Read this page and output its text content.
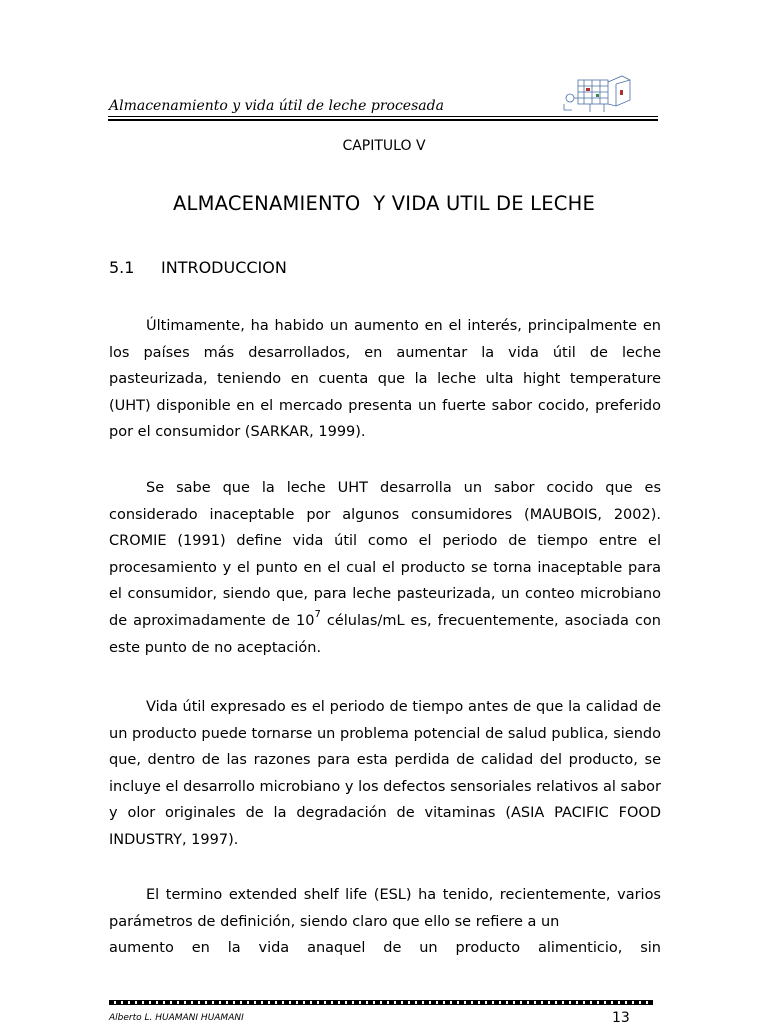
Almacenamiento y vida útil de leche procesada
CAPITULO V
ALMACENAMIENTO  Y VIDA UTIL DE LECHE
5.1 INTRODUCCION

Últimamente, ha habido un aumento en el interés, principalmente en los países más desarrollados, en aumentar la vida útil de leche pasteurizada, teniendo en cuenta que la leche ulta hight temperature (UHT) disponible en el mercado presenta un fuerte sabor cocido, preferido por el consumidor (SARKAR, 1999).

Se sabe que la leche UHT desarrolla un sabor cocido que es considerado inaceptable por algunos consumidores (MAUBOIS, 2002). CROMIE (1991) define vida útil como el periodo de tiempo entre el procesamiento y el punto en el cual el producto se torna inaceptable para el consumidor, siendo que, para leche pasteurizada, un conteo microbiano de aproximadamente de $10^7$ células/mL es, frecuentemente, asociada con este punto de no aceptación.

Vida útil expresado es el periodo de tiempo antes de que la calidad de un producto puede tornarse un problema potencial de salud publica, siendo que, dentro de las razones para esta perdida de calidad del producto, se incluye el desarrollo microbiano y los defectos sensoriales relativos al sabor y olor originales de la degradación de vitaminas (ASIA PACIFIC FOOD INDUSTRY, 1997).

El termino extended shelf life (ESL) ha tenido, recientemente, varios parámetros de definición, siendo claro que ello se refiere a un
aumento en la vida anaquel de un producto alimenticio, sin

Alberto L. HUAMANI HUAMANI	13
